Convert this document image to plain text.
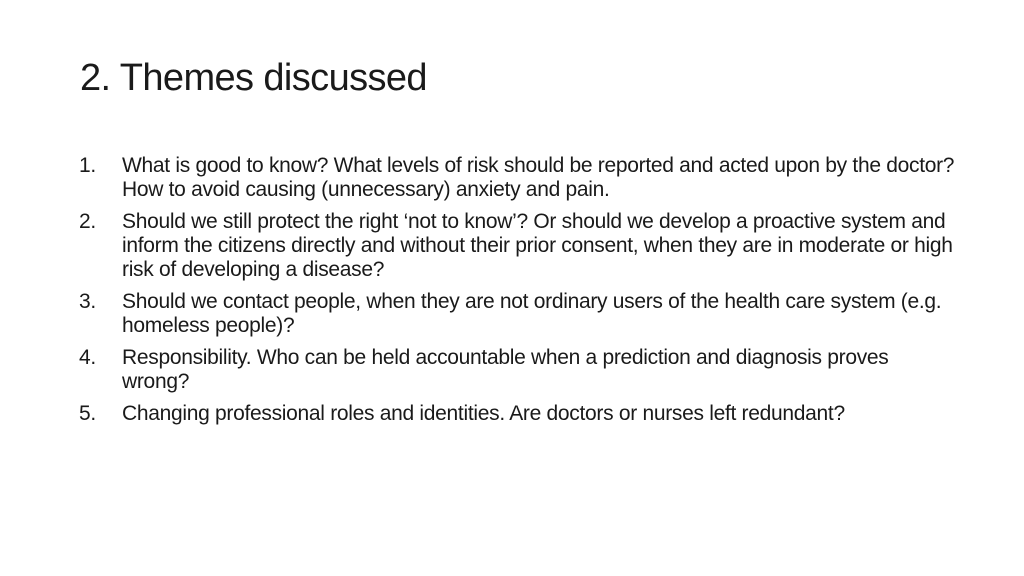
2. Themes discussed
1.	What is good to know? What levels of risk should be reported and acted upon by the doctor? How to avoid causing (unnecessary) anxiety and pain.
2.	Should we still protect the right ‘not to know’? Or should we develop a proactive system and inform the citizens directly and without their prior consent, when they are in moderate or high risk of developing a disease?
3.	Should we contact people, when they are not ordinary users of the health care system (e.g. homeless people)?
4.	Responsibility. Who can be held accountable when a prediction and diagnosis proves wrong?
5.	Changing professional roles and identities. Are doctors or nurses left redundant?
